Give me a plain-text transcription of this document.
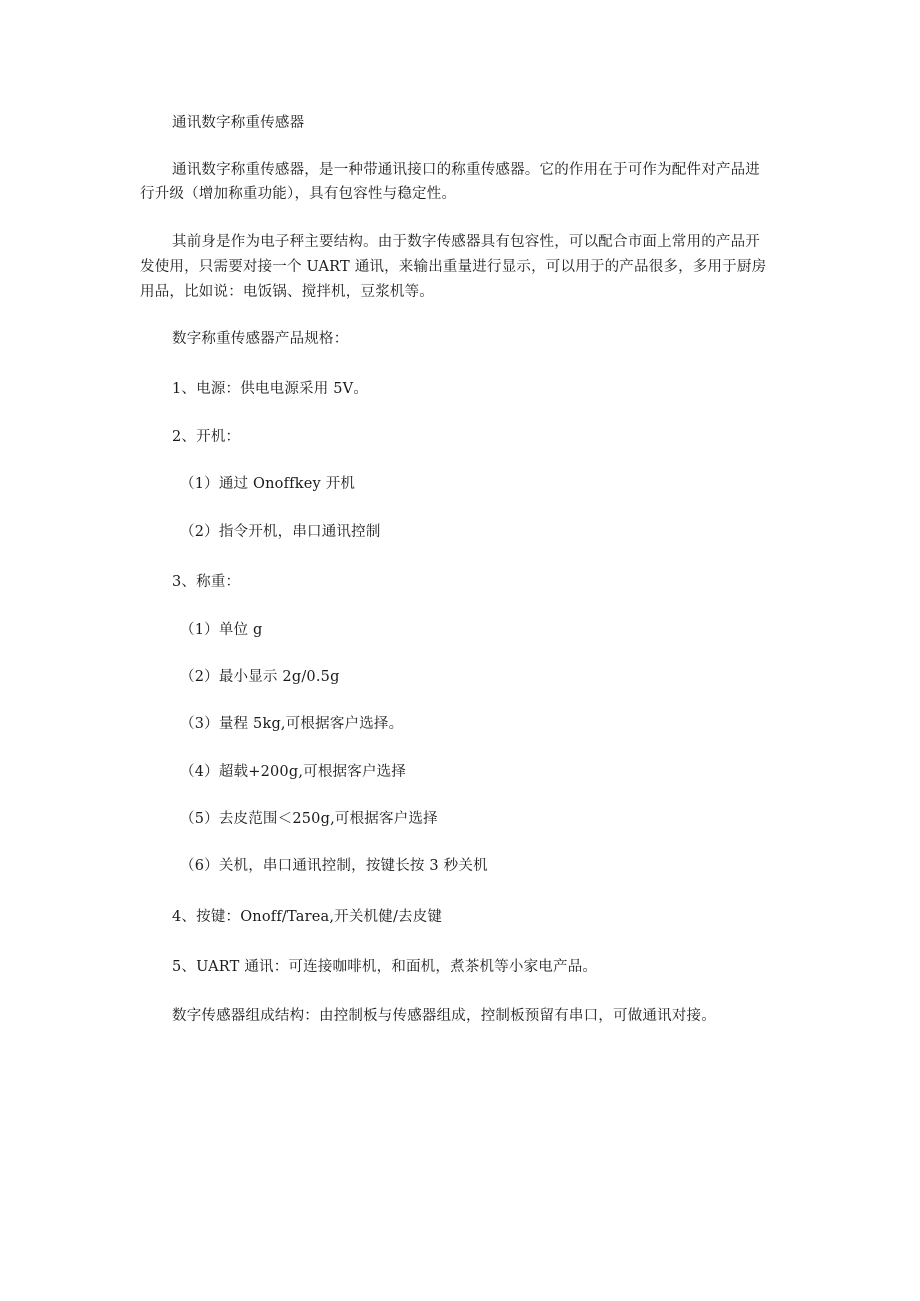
通讯数字称重传感器
通讯数字称重传感器，是一种带通讯接口的称重传感器。它的作用在于可作为配件对产品进
行升级（增加称重功能），具有包容性与稳定性。
其前身是作为电子秤主要结构。由于数字传感器具有包容性，可以配合市面上常用的产品开
发使用，只需要对接一个 UART 通讯，来输出重量进行显示，可以用于的产品很多，多用于厨房
用品，比如说：电饭锅、搅拌机，豆浆机等。
数字称重传感器产品规格：
1、电源：供电电源采用 5V。
2、开机：
（1）通过 Onoffkey 开机
（2）指令开机，串口通讯控制
3、称重：
（1）单位 g
（2）最小显示 2g/0.5g
（3）量程 5kg,可根据客户选择。
（4）超载+200g,可根据客户选择
（5）去皮范围＜250g,可根据客户选择
（6）关机，串口通讯控制，按键长按 3 秒关机
4、按键：Onoff/Tarea,开关机健/去皮键
5、UART 通讯：可连接咖啡机，和面机，煮茶机等小家电产品。
数字传感器组成结构：由控制板与传感器组成，控制板预留有串口，可做通讯对接。
